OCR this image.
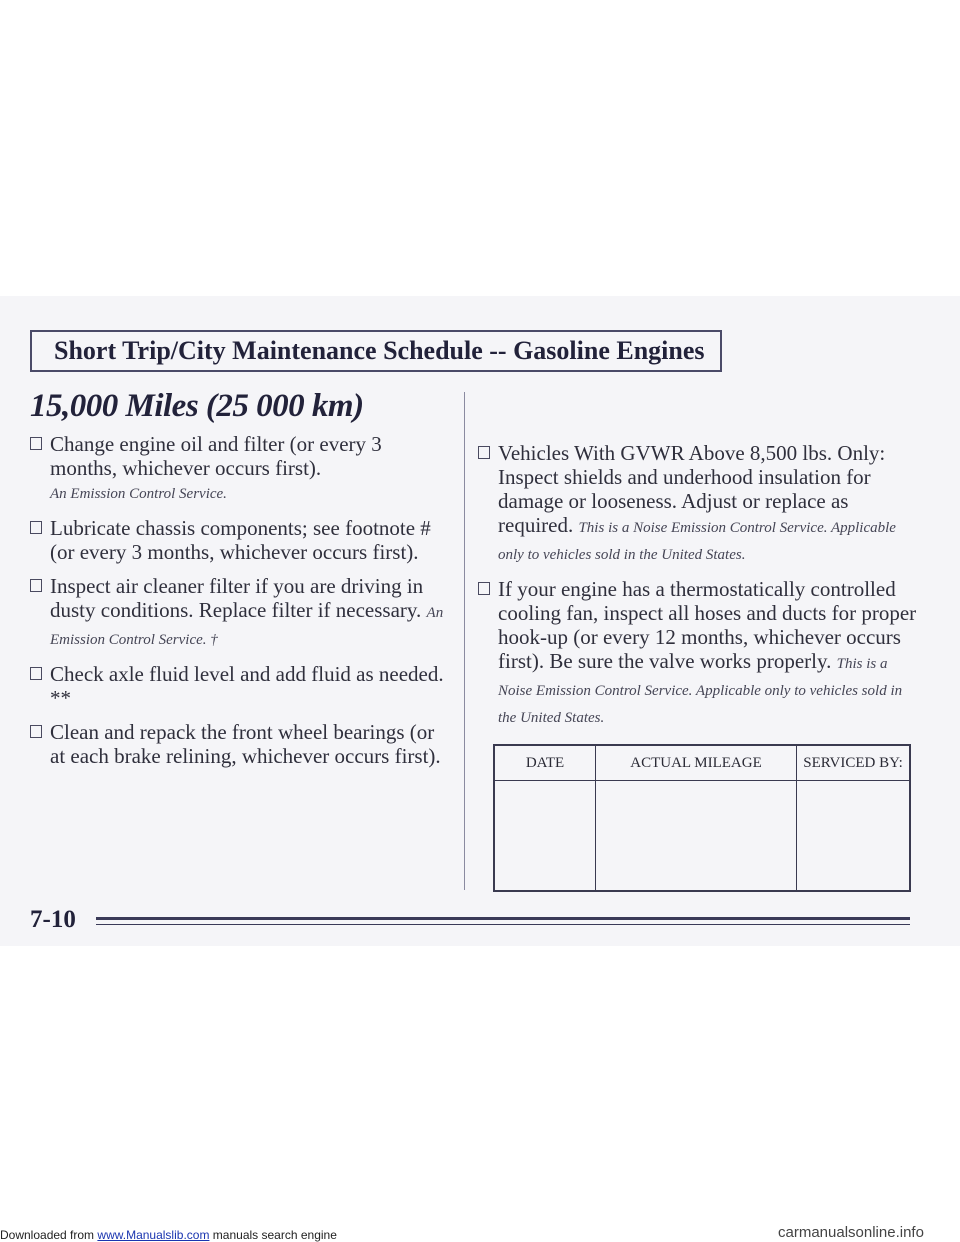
Short Trip/City Maintenance Schedule -- Gasoline Engines
15,000 Miles (25 000 km)
Change engine oil and filter (or every 3 months, whichever occurs first).
An Emission Control Service.
Lubricate chassis components; see footnote # (or every 3 months, whichever occurs first).
Inspect air cleaner filter if you are driving in dusty conditions. Replace filter if necessary. An Emission Control Service. †
Check axle fluid level and add fluid as needed. **
Clean and repack the front wheel bearings (or at each brake relining, whichever occurs first).
Vehicles With GVWR Above 8,500 lbs. Only: Inspect shields and underhood insulation for damage or looseness. Adjust or replace as required. This is a Noise Emission Control Service. Applicable only to vehicles sold in the United States.
If your engine has a thermostatically controlled cooling fan, inspect all hoses and ducts for proper hook-up (or every 12 months, whichever occurs first). Be sure the valve works properly. This is a Noise Emission Control Service. Applicable only to vehicles sold in the United States.
DATE	ACTUAL MILEAGE	SERVICED BY:

7-10
Downloaded from www.Manualslib.com manuals search engine	carmanualsonline.info
